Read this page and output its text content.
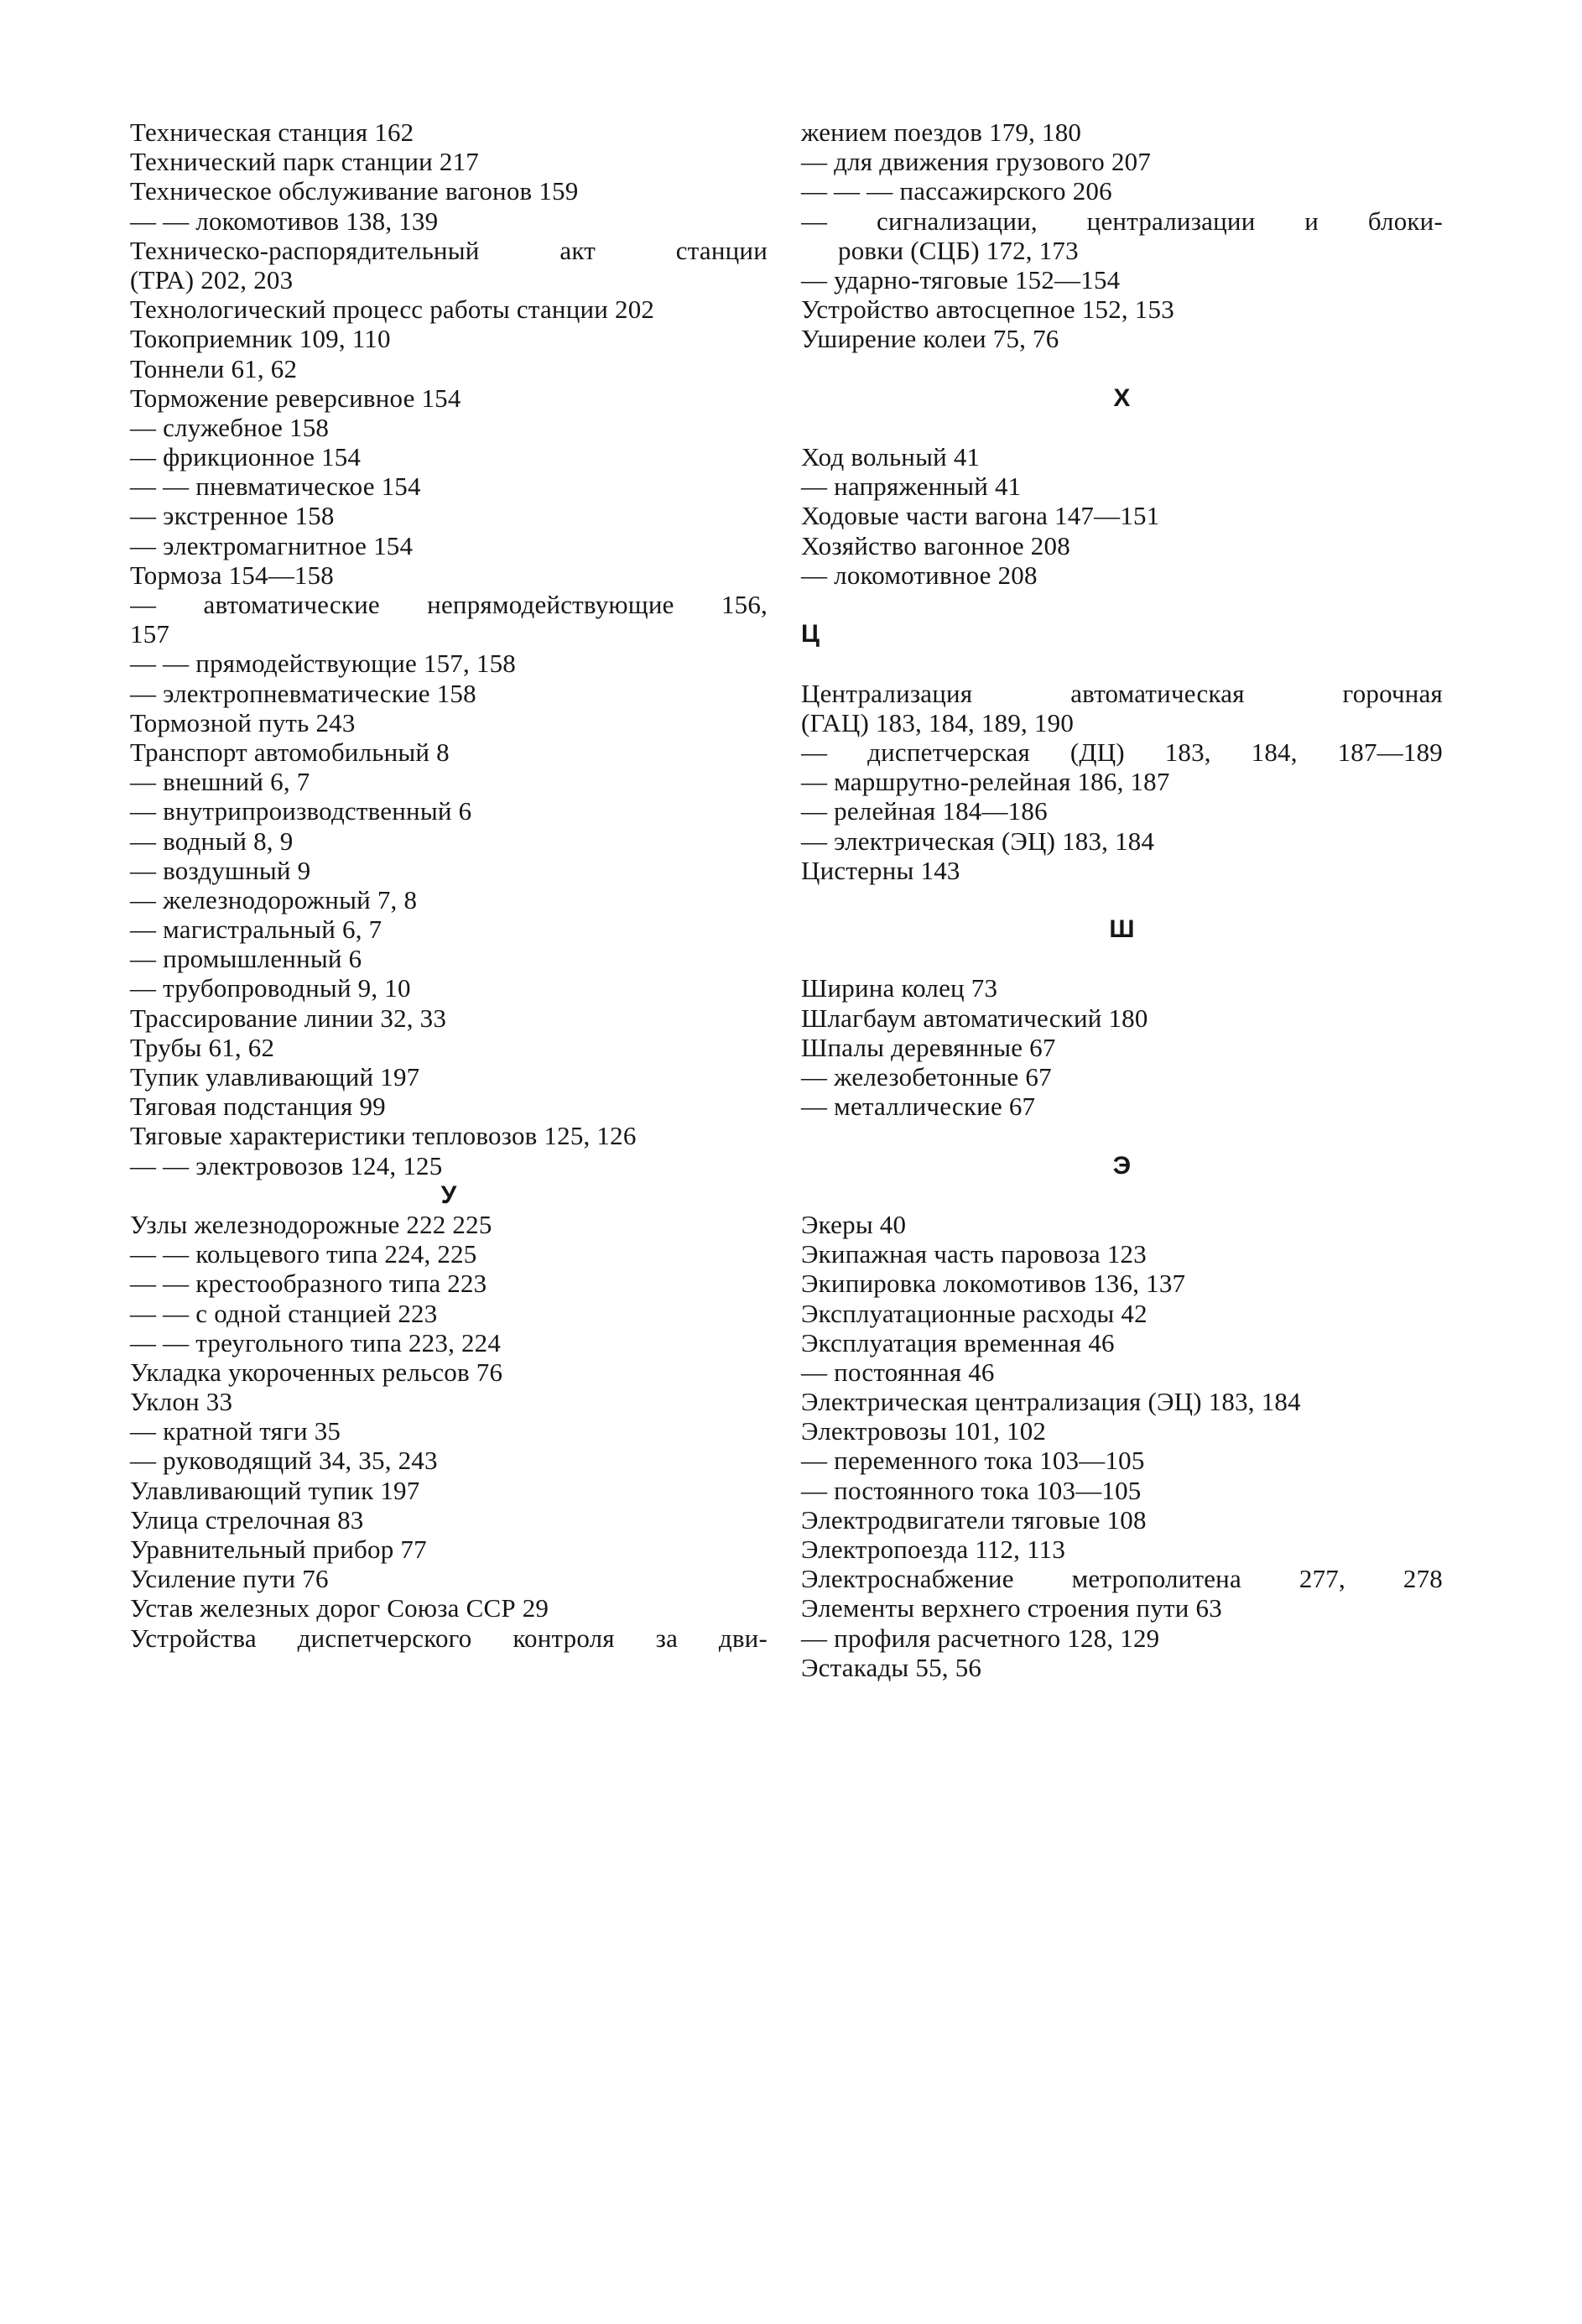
Техническая станция 162
Технический парк станции 217
Техническое обслуживание вагонов 159
— — локомотивов 138, 139
Техническо-распорядительный акт станции
(ТРА) 202, 203
Технологический процесс работы станции 202
Токоприемник 109, 110
Тоннели 61, 62
Торможение реверсивное 154
— служебное 158
— фрикционное 154
— — пневматическое 154
— экстренное 158
— электромагнитное 154
Тормоза 154—158
— автоматические непрямодействующие 156,
157
— — прямодействующие 157, 158
— электропневматические 158
Тормозной путь 243
Транспорт автомобильный 8
— внешний 6, 7
— внутрипроизводственный 6
— водный 8, 9
— воздушный 9
— железнодорожный 7, 8
— магистральный 6, 7
— промышленный 6
— трубопроводный 9, 10
Трассирование линии 32, 33
Трубы 61, 62
Тупик улавливающий 197
Тяговая подстанция 99
Тяговые характеристики тепловозов 125, 126
— — электровозов 124, 125
У
Узлы железнодорожные 222 225
— — кольцевого типа 224, 225
— — крестообразного типа 223
— — с одной станцией 223
— — треугольного типа 223, 224
Укладка укороченных рельсов 76
Уклон 33
— кратной тяги 35
— руководящий 34, 35, 243
Улавливающий тупик 197
Улица стрелочная 83
Уравнительный прибор 77
Усиление пути 76
Устав железных дорог Союза ССР 29
Устройства диспетчерского контроля за дви-
жением поездов 179, 180
— для движения грузового 207
— — — пассажирского 206
— сигнализации, централизации и блоки-
ровки (СЦБ) 172, 173
— ударно-тяговые 152—154
Устройство автосцепное 152, 153
Уширение колеи 75, 76
Х
Ход вольный 41
— напряженный 41
Ходовые части вагона 147—151
Хозяйство вагонное 208
— локомотивное 208
Ц
Централизация автоматическая горочная
(ГАЦ) 183, 184, 189, 190
— диспетчерская (ДЦ) 183, 184, 187—189
— маршрутно-релейная 186, 187
— релейная 184—186
— электрическая (ЭЦ) 183, 184
Цистерны 143
Ш
Ширина колец 73
Шлагбаум автоматический 180
Шпалы деревянные 67
— железобетонные 67
— металлические 67
Э
Экеры 40
Экипажная часть паровоза 123
Экипировка локомотивов 136, 137
Эксплуатационные расходы 42
Эксплуатация временная 46
— постоянная 46
Электрическая централизация (ЭЦ) 183, 184
Электровозы 101, 102
— переменного тока 103—105
— постоянного тока 103—105
Электродвигатели тяговые 108
Электропоезда 112, 113
Электроснабжение метрополитена 277, 278
Элементы верхнего строения пути 63
— профиля расчетного 128, 129
Эстакады 55, 56
